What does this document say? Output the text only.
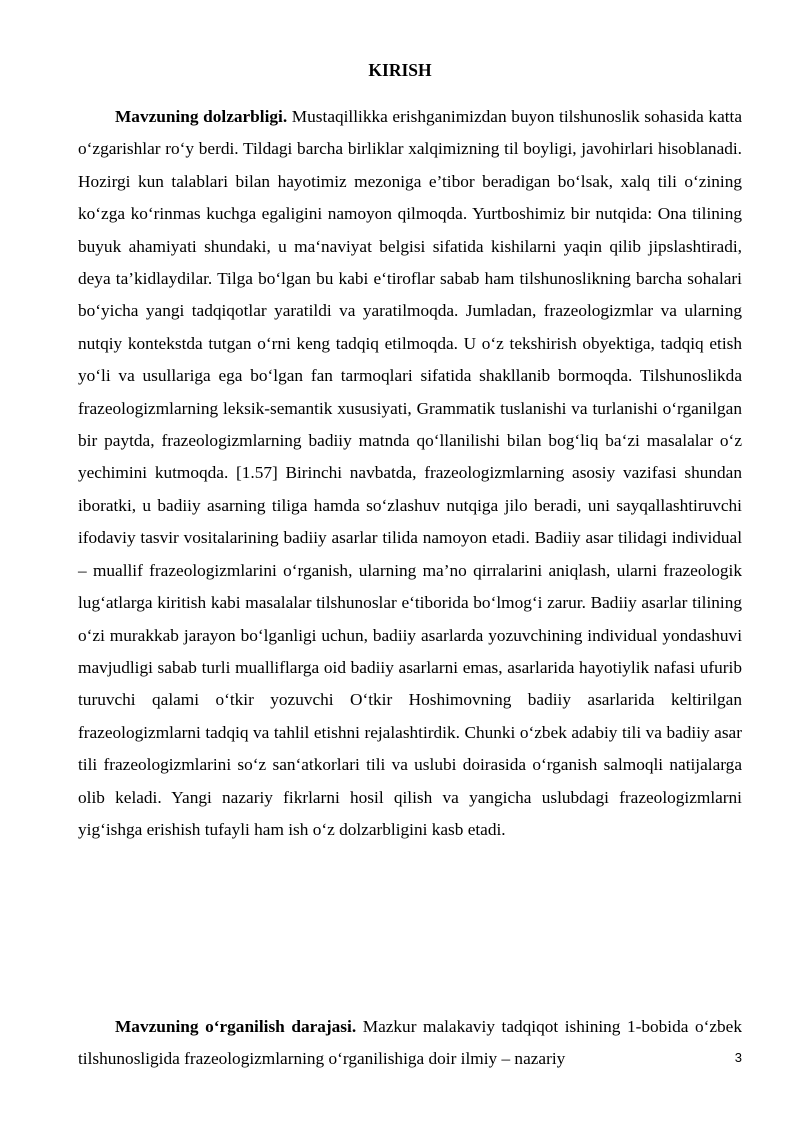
KIRISH

Mavzuning dolzarbligi. Mustaqillikka erishganimizdan buyon tilshunoslik sohasida katta o‘zgarishlar ro‘y berdi. Tildagi barcha birliklar xalqimizning til boyligi, javohirlari hisoblanadi. Hozirgi kun talablari bilan hayotimiz mezoniga e’tibor beradigan bo‘lsak, xalq tili o‘zining ko‘zga ko‘rinmas kuchga egaligini namoyon qilmoqda. Yurtboshimiz bir nutqida: Ona tilining buyuk ahamiyati shundaki, u ma‘naviyat belgisi sifatida kishilarni yaqin qilib jipslashtiradi, deya ta’kidlaydilar. Tilga bo‘lgan bu kabi e‘tiroflar sabab ham tilshunoslikning barcha sohalari bo‘yicha yangi tadqiqotlar yaratildi va yaratilmoqda. Jumladan, frazeologizmlar va ularning nutqiy kontekstda tutgan o‘rni keng tadqiq etilmoqda. U o‘z tekshirish obyektiga, tadqiq etish yo‘li va usullariga ega bo‘lgan fan tarmoqlari sifatida shakllanib bormoqda. Tilshunoslikda frazeologizmlarning leksik-semantik xususiyati, Grammatik tuslanishi va turlanishi o‘rganilgan bir paytda, frazeologizmlarning badiiy matnda qo‘llanilishi bilan bog‘liq ba‘zi masalalar o‘z yechimini kutmoqda. [1.57] Birinchi navbatda, frazeologizmlarning asosiy vazifasi shundan iboratki, u badiiy asarning tiliga hamda so‘zlashuv nutqiga jilo beradi, uni sayqallashtiruvchi ifodaviy tasvir vositalarining badiiy asarlar tilida namoyon etadi. Badiiy asar tilidagi individual – muallif frazeologizmlarini o‘rganish, ularning ma’no qirralarini aniqlash, ularni frazeologik lug‘atlarga kiritish kabi masalalar tilshunoslar e‘tiborida bo‘lmog‘i zarur. Badiiy asarlar tilining o‘zi murakkab jarayon bo‘lganligi uchun, badiiy asarlarda yozuvchining individual yondashuvi mavjudligi sabab turli mualliflarga oid badiiy asarlarni emas, asarlarida hayotiylik nafasi ufurib turuvchi qalami o‘tkir yozuvchi O‘tkir Hoshimovning badiiy asarlarida keltirilgan frazeologizmlarni tadqiq va tahlil etishni rejalashtirdik. Chunki o‘zbek adabiy tili va badiiy asar tili frazeologizmlarini so‘z san‘atkorlari tili va uslubi doirasida o‘rganish salmoqli natijalarga olib keladi. Yangi nazariy fikrlarni hosil qilish va yangicha uslubdagi frazeologizmlarni yig‘ishga erishish tufayli ham ish o‘z dolzarbligini kasb etadi.

Mavzuning o‘rganilish darajasi. Mazkur malakaviy tadqiqot ishining 1-bobida o‘zbek tilshunosligida frazeologizmlarning o‘rganilishiga doir ilmiy – nazariy	3
